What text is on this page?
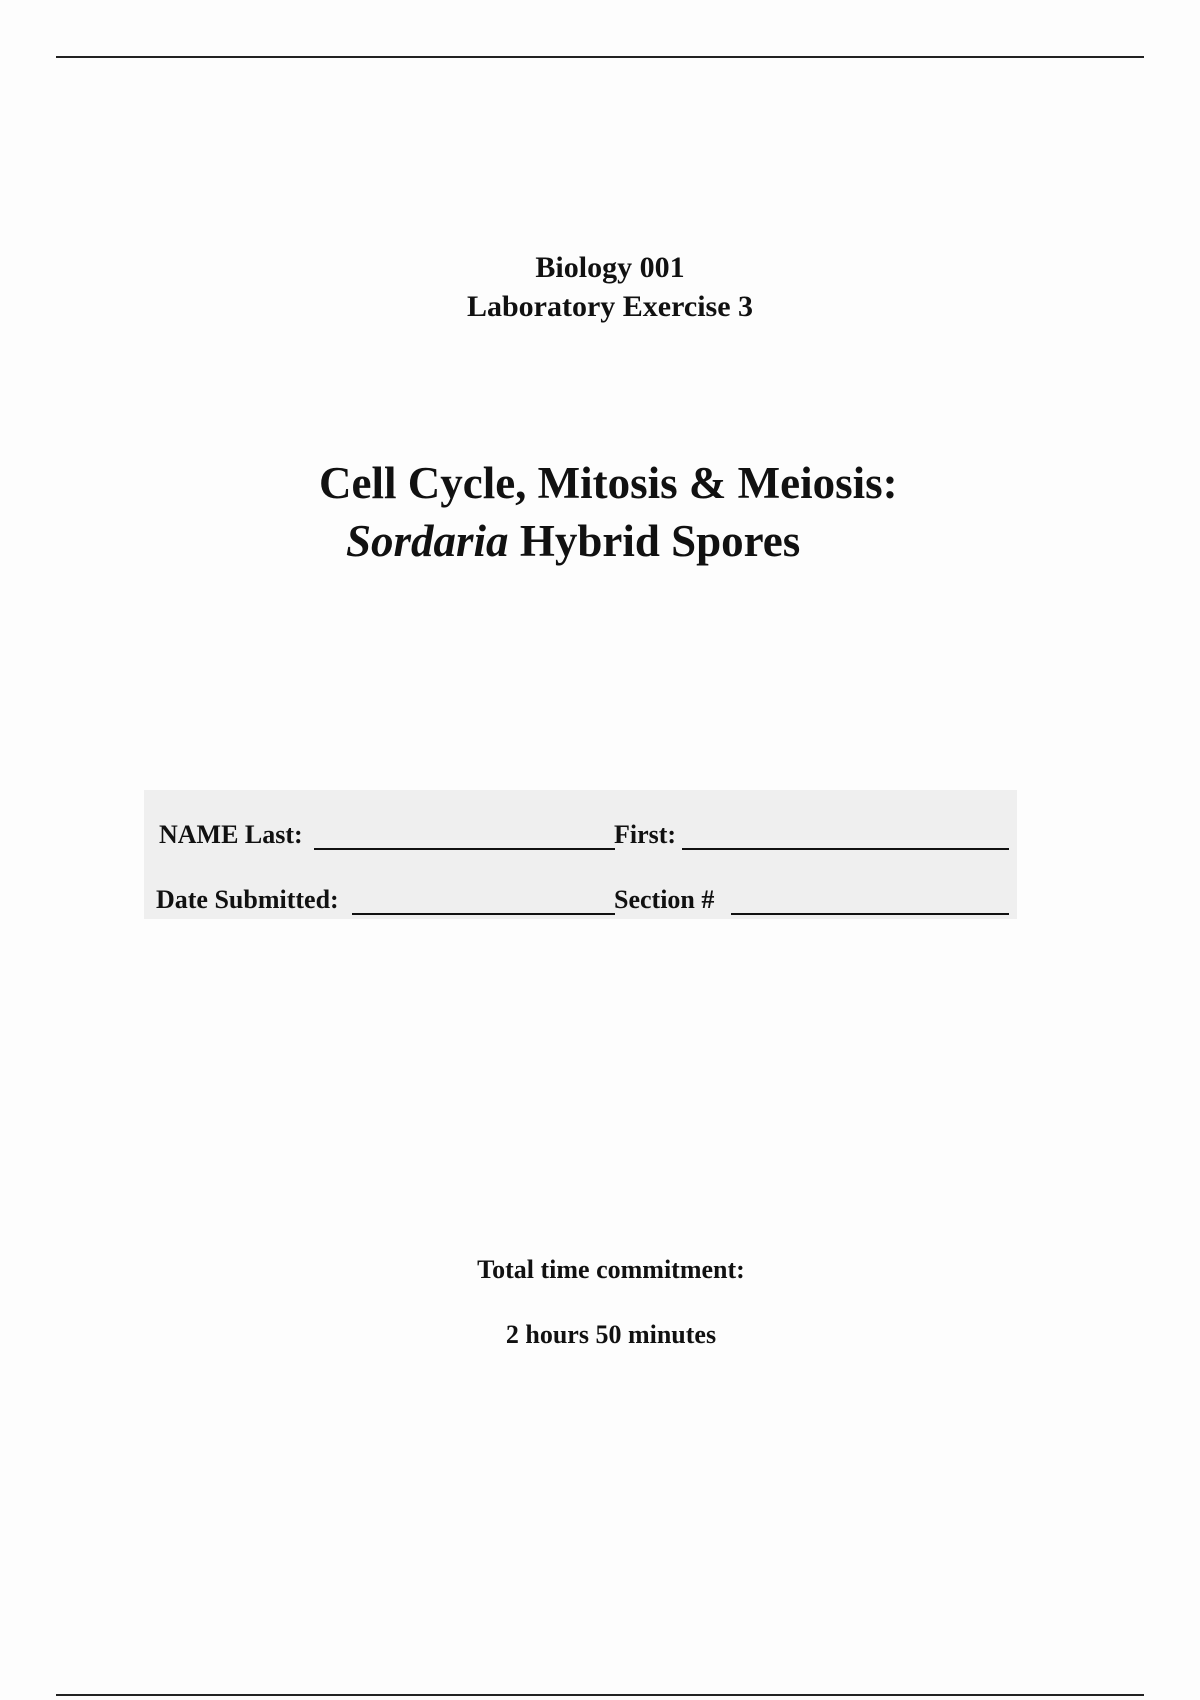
Biology 001
Laboratory Exercise 3
Cell Cycle, Mitosis & Meiosis:
Sordaria Hybrid Spores
NAME Last:	First:
Date Submitted:	Section #
Total time commitment:
2 hours 50 minutes
